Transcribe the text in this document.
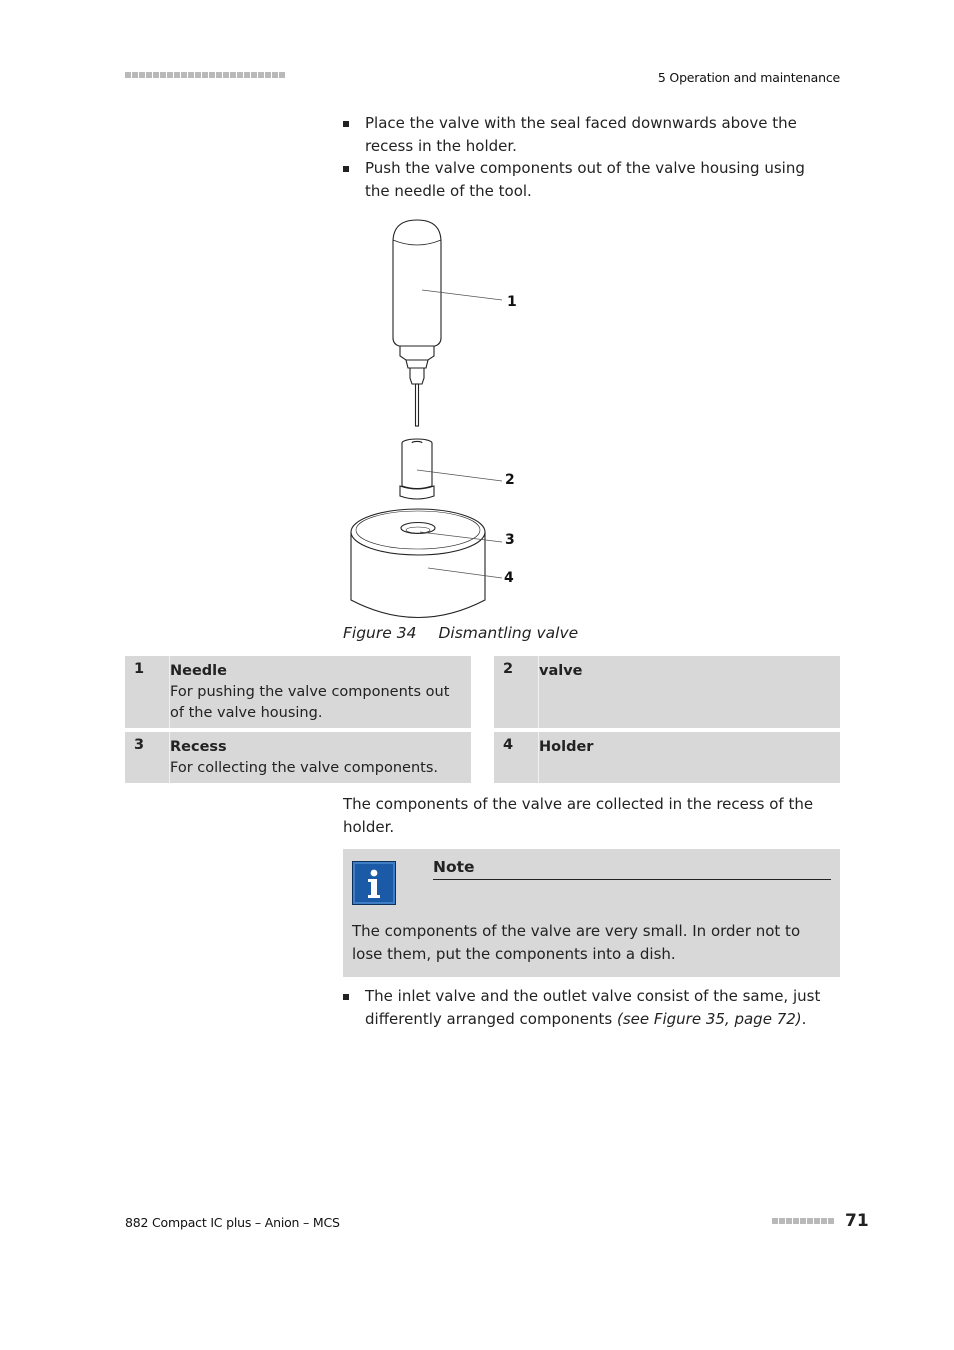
5 Operation and maintenance
Place the valve with the seal faced downwards above the recess in the holder.
Push the valve components out of the valve housing using the needle of the tool.
1
2
3
4
Figure 34 Dismantling valve
1	Needle
For pushing the valve components out of the valve housing.
2	valve
3	Recess
For collecting the valve components.
4	Holder
The components of the valve are collected in the recess of the holder.
Note
The components of the valve are very small. In order not to lose them, put the components into a dish.
The inlet valve and the outlet valve consist of the same, just differently arranged components (see Figure 35, page 72).
882 Compact IC plus – Anion – MCS	71
